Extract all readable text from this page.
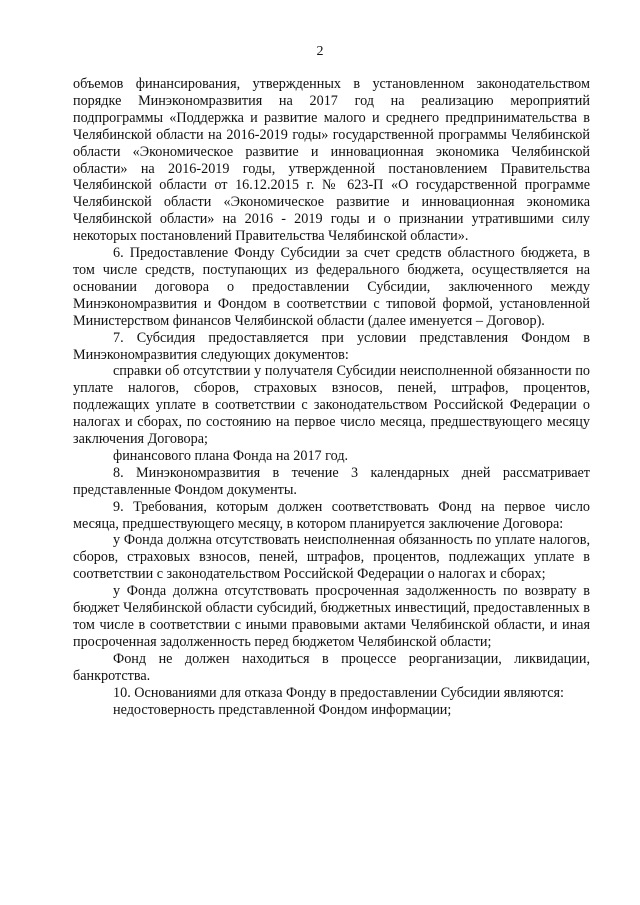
2

объемов финансирования, утвержденных в установленном законодательством порядке Минэкономразвития на 2017 год на реализацию мероприятий подпрограммы «Поддержка и развитие малого и среднего предпринимательства в Челябинской области на 2016-2019 годы» государственной программы Челябинской области «Экономическое развитие и инновационная экономика Челябинской области» на 2016-2019 годы, утвержденной постановлением Правительства Челябинской области от 16.12.2015 г. № 623-П «О государственной программе Челябинской области «Экономическое развитие и инновационная экономика Челябинской области» на 2016 - 2019 годы и о признании утратившими силу некоторых постановлений Правительства Челябинской области».

6. Предоставление Фонду Субсидии за счет средств областного бюджета, в том числе средств, поступающих из федерального бюджета, осуществляется на основании договора о предоставлении Субсидии, заключенного между Минэкономразвития и Фондом в соответствии с типовой формой, установленной Министерством финансов Челябинской области (далее именуется – Договор).

7. Субсидия предоставляется при условии представления Фондом в Минэкономразвития следующих документов:

справки об отсутствии у получателя Субсидии неисполненной обязанности по уплате налогов, сборов, страховых взносов, пеней, штрафов, процентов, подлежащих уплате в соответствии с законодательством Российской Федерации о налогах и сборах, по состоянию на первое число месяца, предшествующего месяцу заключения Договора;

финансового плана Фонда на 2017 год.

8. Минэкономразвития в течение 3 календарных дней рассматривает представленные Фондом документы.

9. Требования, которым должен соответствовать Фонд на первое число месяца, предшествующего месяцу, в котором планируется заключение Договора:

у Фонда должна отсутствовать неисполненная обязанность по уплате налогов, сборов, страховых взносов, пеней, штрафов, процентов, подлежащих уплате в соответствии с законодательством Российской Федерации о налогах и сборах;

у Фонда должна отсутствовать просроченная задолженность по возврату в бюджет Челябинской области субсидий, бюджетных инвестиций, предоставленных в том числе в соответствии с иными правовыми актами Челябинской области, и иная просроченная задолженность перед бюджетом Челябинской области;

Фонд не должен находиться в процессе реорганизации, ликвидации, банкротства.

10. Основаниями для отказа Фонду в предоставлении Субсидии являются:

недостоверность представленной Фондом информации;
